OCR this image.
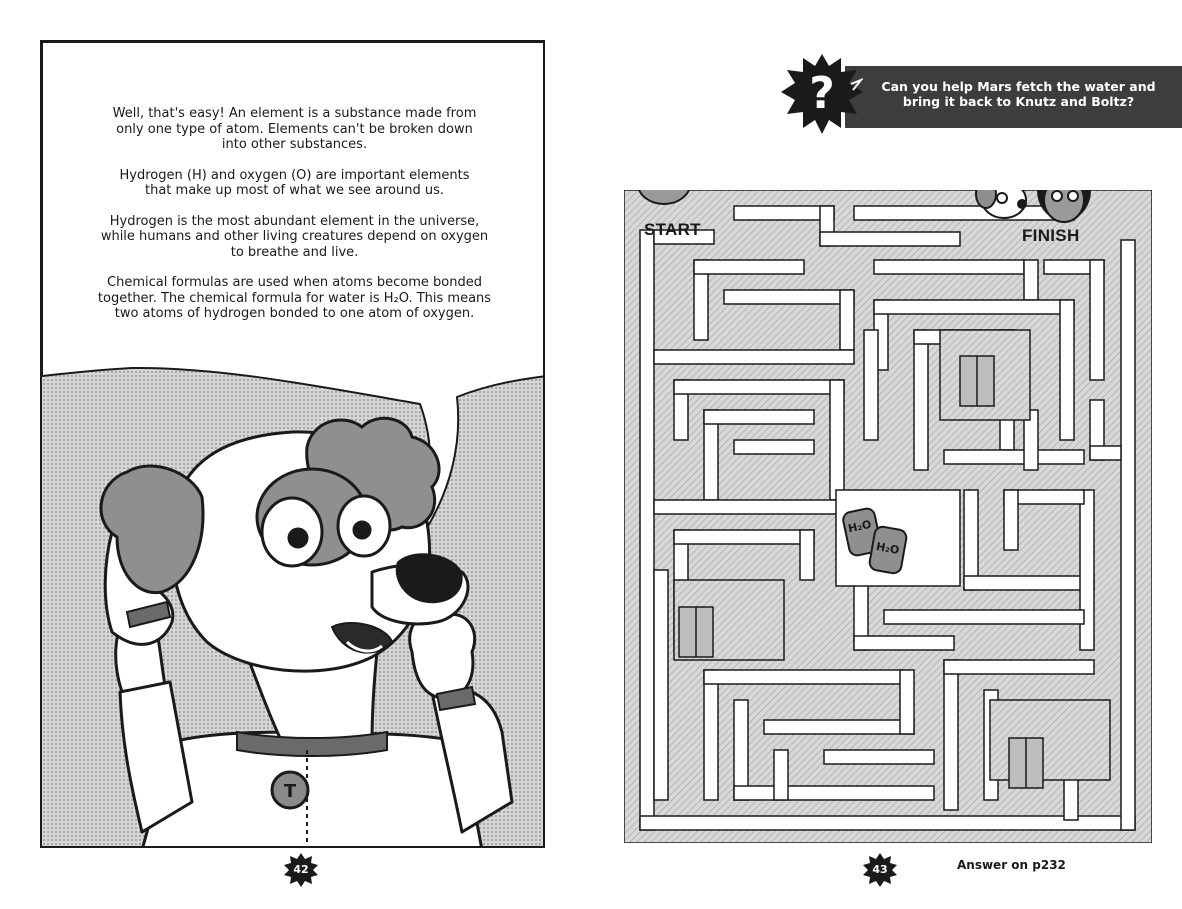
T

Well, that's easy! An element is a substance made from
only one type of atom. Elements can't be broken down
into other substances.

Hydrogen (H) and oxygen (O) are important elements
that make up most of what we see around us.

Hydrogen is the most abundant element in the universe,
while humans and other living creatures depend on oxygen
to breathe and live.

Chemical formulas are used when atoms become bonded
together. The chemical formula for water is H₂O. This means
two atoms of hydrogen bonded to one atom of oxygen.

42
Can you help Mars fetch the water and
bring it back to Knutz and Boltz?
?
START	FINISH
H₂O
H₂O
43	Answer on p232
